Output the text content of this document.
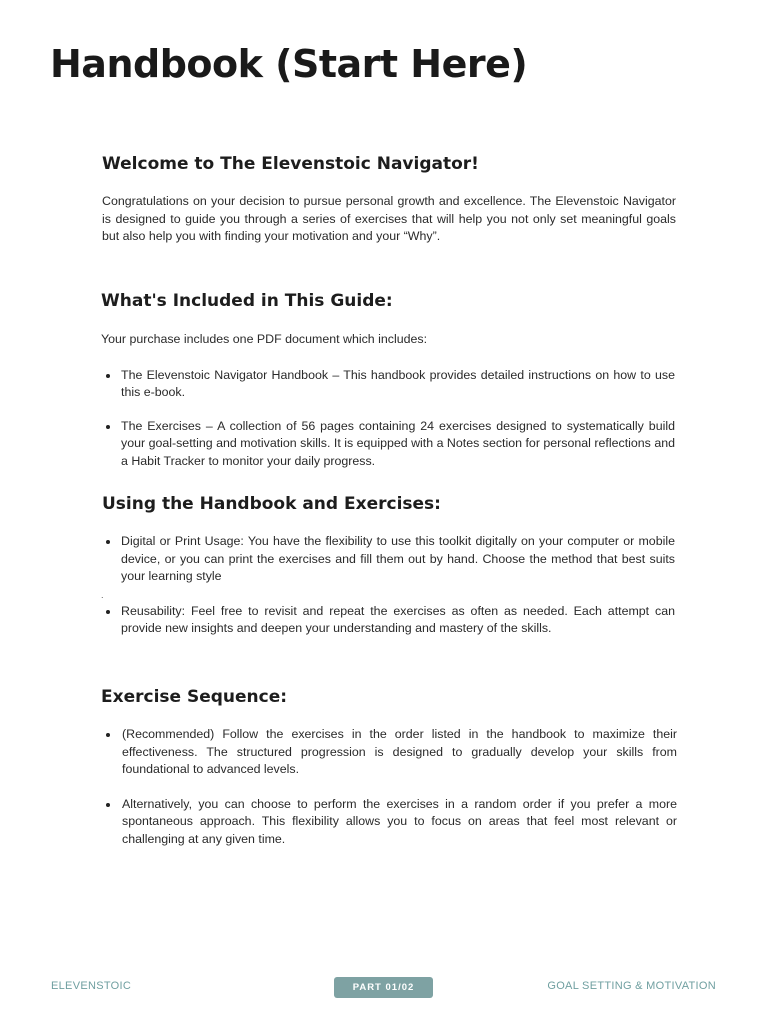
Handbook (Start Here)
Welcome to The Elevenstoic Navigator!

Congratulations on your decision to pursue personal growth and excellence. The Elevenstoic Navigator is designed to guide you through a series of exercises that will help you not only set meaningful goals but also help you with finding your motivation and your “Why”.

What's Included in This Guide:

Your purchase includes one PDF document which includes:

The Elevenstoic Navigator Handbook – This handbook provides detailed instructions on how to use this e-book.
The Exercises – A collection of 56 pages containing 24 exercises designed to systematically build your goal-setting and motivation skills. It is equipped with a Notes section for personal reflections and a Habit Tracker to monitor your daily progress.
Using the Handbook and Exercises:
Digital or Print Usage: You have the flexibility to use this toolkit digitally on your computer or mobile device, or you can print the exercises and fill them out by hand. Choose the method that best suits your learning style
Reusability: Feel free to revisit and repeat the exercises as often as needed. Each attempt can provide new insights and deepen your understanding and mastery of the skills.
.
Exercise Sequence:
(Recommended) Follow the exercises in the order listed in the handbook to maximize their effectiveness. The structured progression is designed to gradually develop your skills from foundational to advanced levels.
Alternatively, you can choose to perform the exercises in a random order if you prefer a more spontaneous approach. This flexibility allows you to focus on areas that feel most relevant or challenging at any given time.
ELEVENSTOIC	PART 01/02	GOAL SETTING & MOTIVATION
